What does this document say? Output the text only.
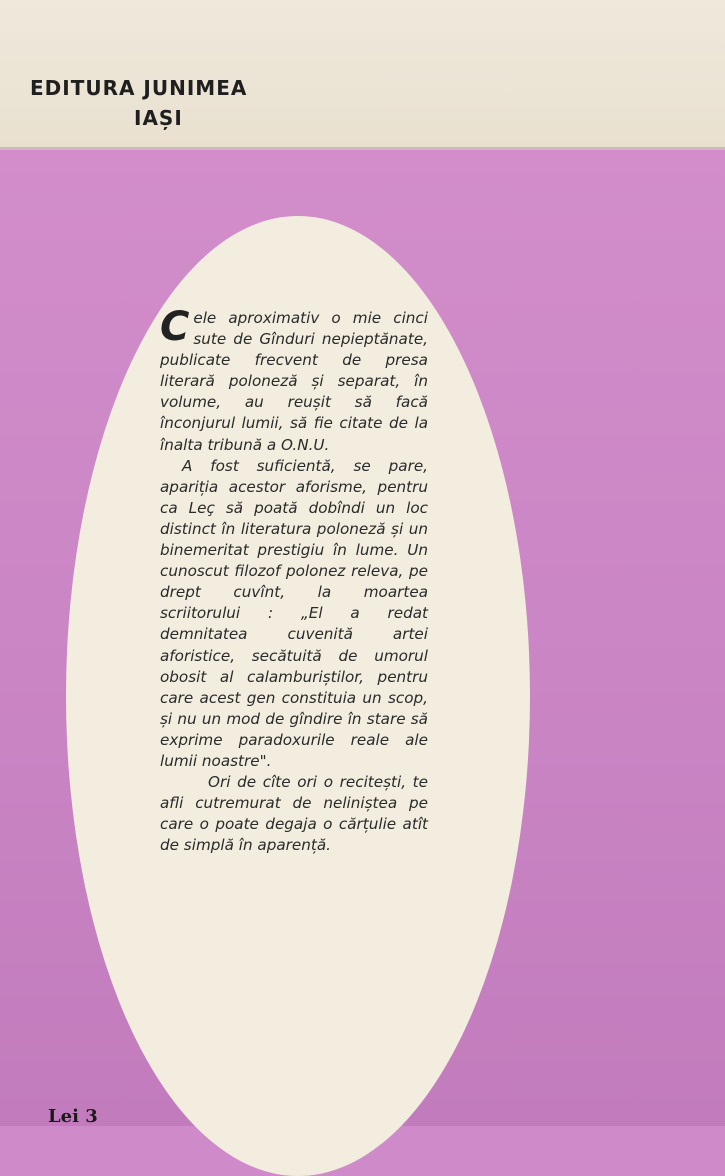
EDITURA JUNIMEA
IAȘI

Cele aproximativ o mie cinci sute de Gînduri nepieptănate, publicate frecvent de presa literară poloneză și separat, în volume, au reușit să facă înconjurul lumii, să fie citate de la înalta tribună a O.N.U.

A fost suficientă, se pare, apariția acestor aforisme, pentru ca Leç să poată dobîndi un loc distinct în literatura poloneză și un binemeritat prestigiu în lume. Un cunoscut filozof polonez releva, pe drept cuvînt, la moartea scriitorului : „El a redat demnitatea cuvenită artei aforistice, secătuită de umorul obosit al calamburiștilor, pentru care acest gen constituia un scop, și nu un mod de gîndire în stare să exprime paradoxurile reale ale lumii noastre".

Ori de cîte ori o recitești, te afli cutremurat de neliniștea pe care o poate degaja o cărțulie atît de simplă în aparență.

Lei 3
